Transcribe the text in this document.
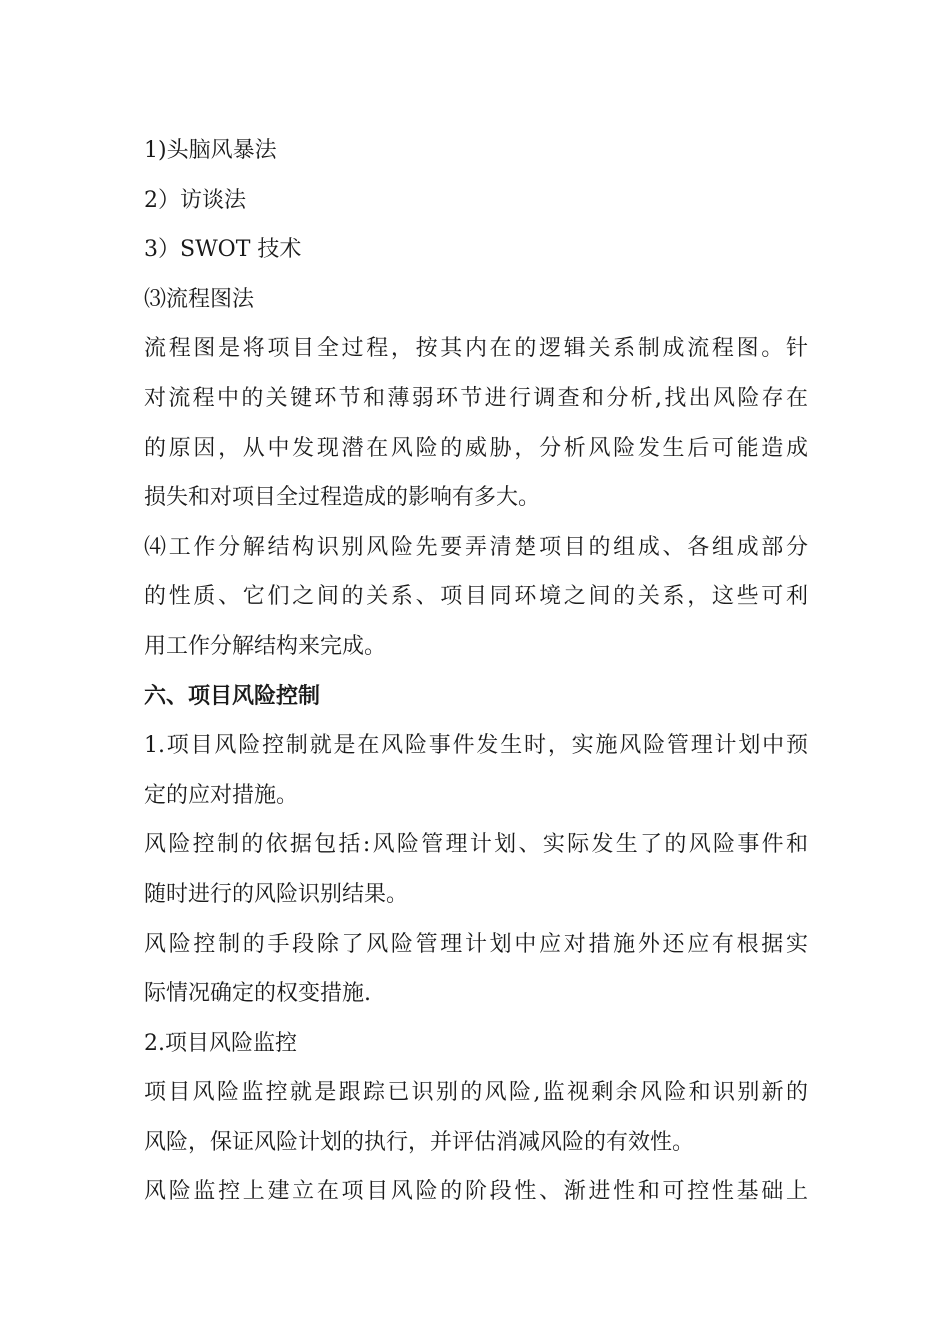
1)头脑风暴法
2）访谈法
3）SWOT 技术
⑶流程图法
流程图是将项目全过程，按其内在的逻辑关系制成流程图。针
对流程中的关键环节和薄弱环节进行调查和分析,找出风险存在
的原因，从中发现潜在风险的威胁，分析风险发生后可能造成
损失和对项目全过程造成的影响有多大。
⑷工作分解结构识别风险先要弄清楚项目的组成、各组成部分
的性质、它们之间的关系、项目同环境之间的关系，这些可利
用工作分解结构来完成。
六、项目风险控制
1.项目风险控制就是在风险事件发生时，实施风险管理计划中预
定的应对措施。
风险控制的依据包括:风险管理计划、实际发生了的风险事件和
随时进行的风险识别结果。
风险控制的手段除了风险管理计划中应对措施外还应有根据实
际情况确定的权变措施.
2.项目风险监控
项目风险监控就是跟踪已识别的风险,监视剩余风险和识别新的
风险，保证风险计划的执行，并评估消减风险的有效性。
风险监控上建立在项目风险的阶段性、渐进性和可控性基础上
